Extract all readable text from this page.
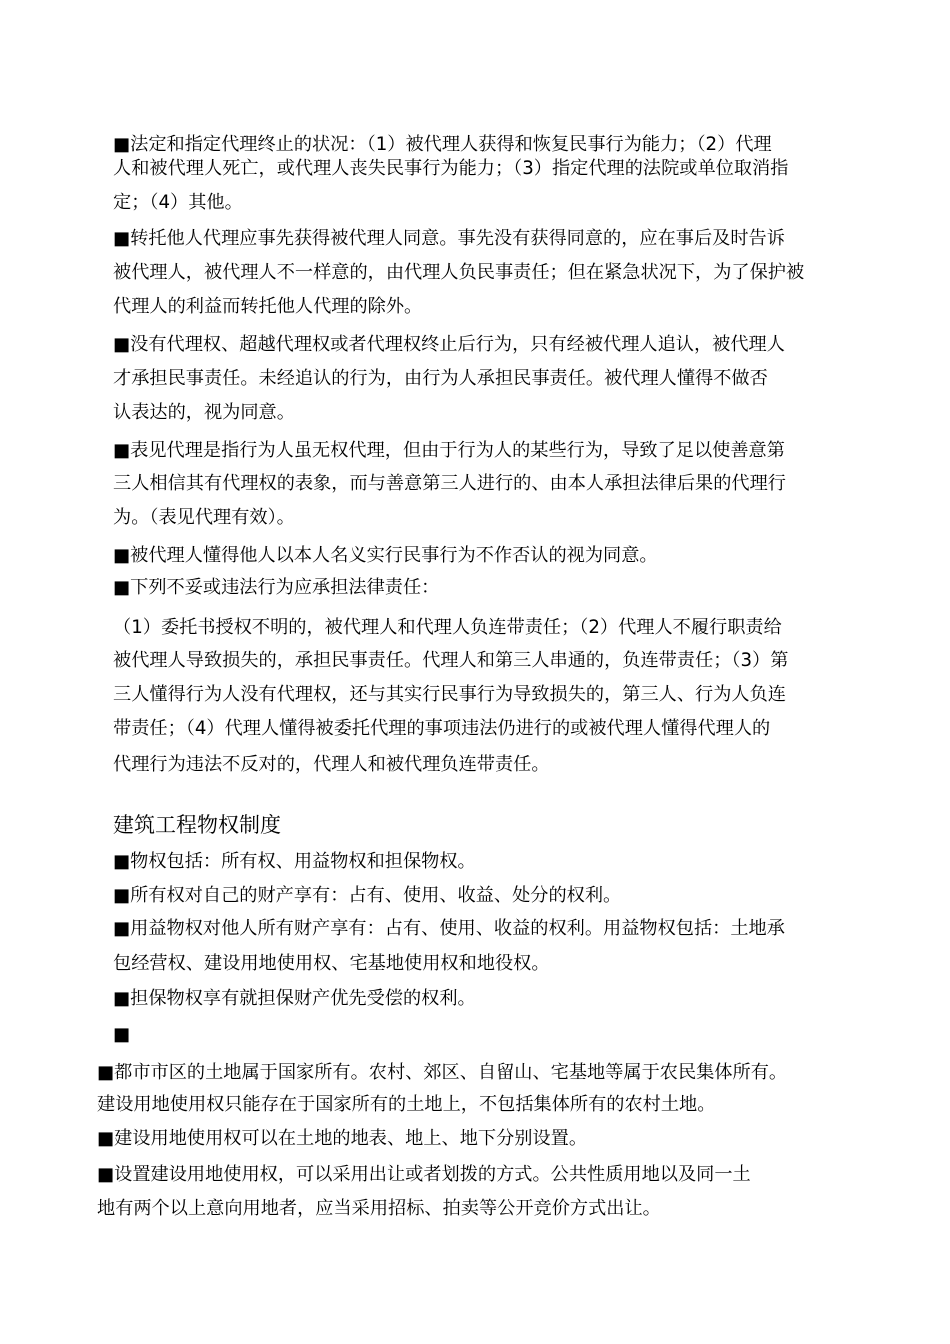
■法定和指定代理终止的状况：（1）被代理人获得和恢复民事行为能力；（2）代理
人和被代理人死亡，或代理人丧失民事行为能力；（3）指定代理的法院或单位取消指
定；（4）其他。
■转托他人代理应事先获得被代理人同意。事先没有获得同意的，应在事后及时告诉
被代理人，被代理人不一样意的，由代理人负民事责任；但在紧急状况下，为了保护被
代理人的利益而转托他人代理的除外。
■没有代理权、超越代理权或者代理权终止后行为，只有经被代理人追认，被代理人
才承担民事责任。未经追认的行为，由行为人承担民事责任。被代理人懂得不做否
认表达的，视为同意。
■表见代理是指行为人虽无权代理，但由于行为人的某些行为，导致了足以使善意第
三人相信其有代理权的表象，而与善意第三人进行的、由本人承担法律后果的代理行
为。（表见代理有效）。
■被代理人懂得他人以本人名义实行民事行为不作否认的视为同意。
■下列不妥或违法行为应承担法律责任：
（1）委托书授权不明的，被代理人和代理人负连带责任；（2）代理人不履行职责给
被代理人导致损失的，承担民事责任。代理人和第三人串通的，负连带责任；（3）第
三人懂得行为人没有代理权，还与其实行民事行为导致损失的，第三人、行为人负连
带责任；（4）代理人懂得被委托代理的事项违法仍进行的或被代理人懂得代理人的
代理行为违法不反对的，代理人和被代理负连带责任。
建筑工程物权制度
■物权包括：所有权、用益物权和担保物权。
■所有权对自己的财产享有：占有、使用、收益、处分的权利。
■用益物权对他人所有财产享有：占有、使用、收益的权利。用益物权包括：土地承
包经营权、建设用地使用权、宅基地使用权和地役权。
■担保物权享有就担保财产优先受偿的权利。
■
■都市市区的土地属于国家所有。农村、郊区、自留山、宅基地等属于农民集体所有。
建设用地使用权只能存在于国家所有的土地上，不包括集体所有的农村土地。
■建设用地使用权可以在土地的地表、地上、地下分别设置。
■设置建设用地使用权，可以采用出让或者划拨的方式。公共性质用地以及同一土
地有两个以上意向用地者，应当采用招标、拍卖等公开竞价方式出让。
